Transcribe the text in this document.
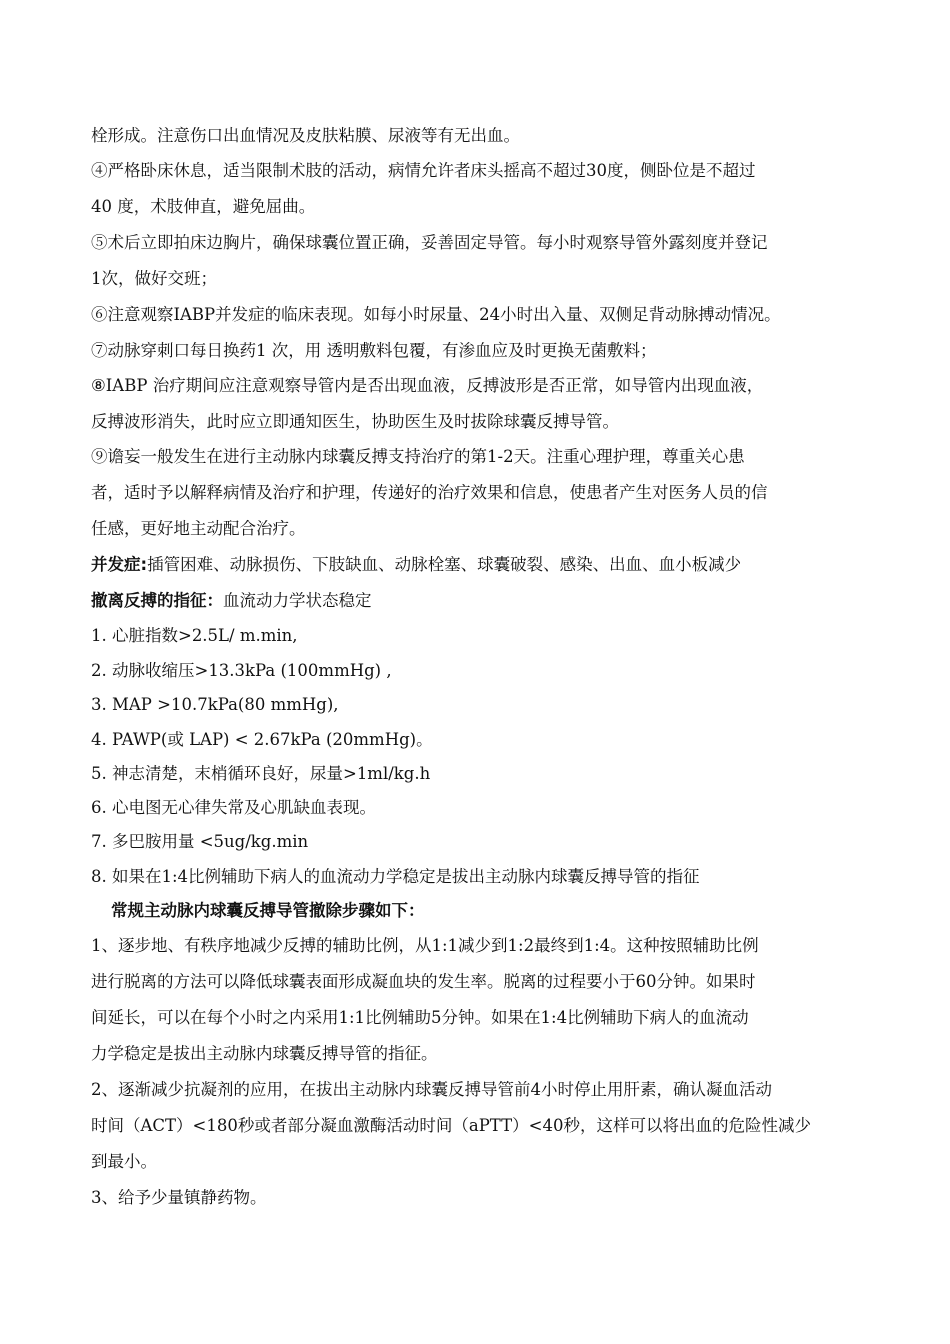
栓形成。注意伤口出血情况及皮肤粘膜、尿液等有无出血。
④严格卧床休息，适当限制术肢的活动，病情允许者床头摇高不超过30度，侧卧位是不超过
40 度，术肢伸直，避免屈曲。
⑤术后立即拍床边胸片，确保球囊位置正确，妥善固定导管。每小时观察导管外露刻度并登记
1次，做好交班；
⑥注意观察IABP并发症的临床表现。如每小时尿量、24小时出入量、双侧足背动脉搏动情况。
⑦动脉穿刺口每日换药1 次，用 透明敷料包覆，有渗血应及时更换无菌敷料；
⑧IABP 治疗期间应注意观察导管内是否出现血液，反搏波形是否正常，如导管内出现血液，
反搏波形消失，此时应立即通知医生，协助医生及时拔除球囊反搏导管。
⑨谵妄一般发生在进行主动脉内球囊反搏支持治疗的第1-2天。注重心理护理，尊重关心患
者，适时予以解释病情及治疗和护理，传递好的治疗效果和信息，使患者产生对医务人员的信
任感，更好地主动配合治疗。
并发症:插管困难、动脉损伤、下肢缺血、动脉栓塞、球囊破裂、感染、出血、血小板减少
撤离反搏的指征：血流动力学状态稳定
1. 心脏指数>2.5L/ m.min,
2. 动脉收缩压>13.3kPa (100mmHg) ,
3. MAP >10.7kPa(80 mmHg),
4. PAWP(或 LAP) < 2.67kPa (20mmHg)。
5. 神志清楚，末梢循环良好，尿量>1ml/kg.h
6. 心电图无心律失常及心肌缺血表现。
7. 多巴胺用量 <5ug/kg.min
8. 如果在1:4比例辅助下病人的血流动力学稳定是拔出主动脉内球囊反搏导管的指征
常规主动脉内球囊反搏导管撤除步骤如下：
1、逐步地、有秩序地减少反搏的辅助比例，从1:1减少到1:2最终到1:4。这种按照辅助比例
进行脱离的方法可以降低球囊表面形成凝血块的发生率。脱离的过程要小于60分钟。如果时
间延长，可以在每个小时之内采用1:1比例辅助5分钟。如果在1:4比例辅助下病人的血流动
力学稳定是拔出主动脉内球囊反搏导管的指征。
2、逐渐减少抗凝剂的应用，在拔出主动脉内球囊反搏导管前4小时停止用肝素，确认凝血活动
时间（ACT）<180秒或者部分凝血激酶活动时间（aPTT）<40秒，这样可以将出血的危险性减少
到最小。
3、给予少量镇静药物。
